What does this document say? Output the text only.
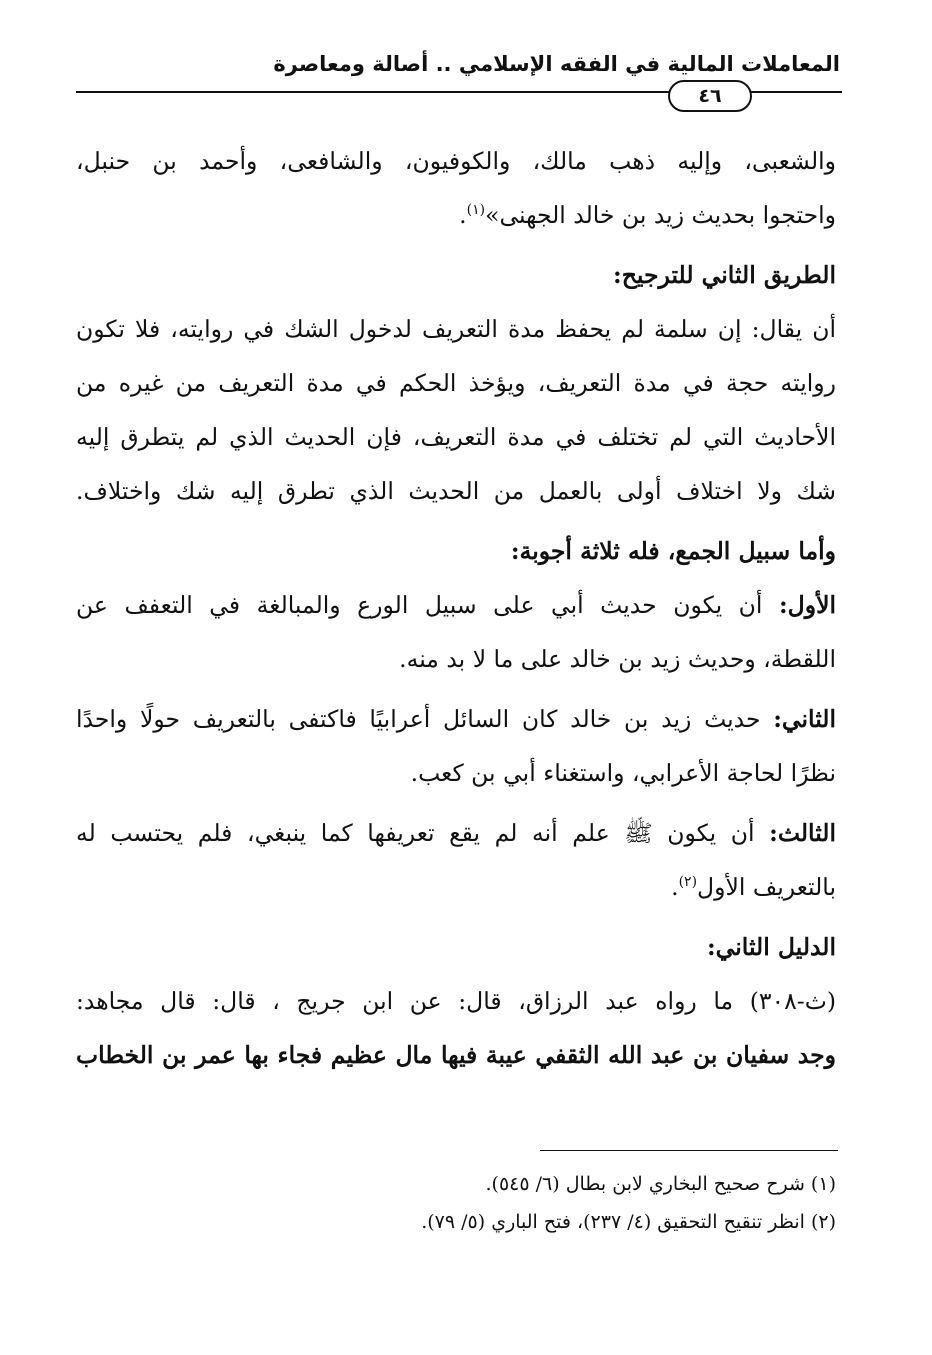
المعاملات المالية في الفقه الإسلامي .. أصالة ومعاصرة
٤٦
والشعبى، وإليه ذهب مالك، والكوفيون، والشافعى، وأحمد بن حنبل،
واحتجوا بحديث زيد بن خالد الجهنى»$^{(١)}$.
الطريق الثاني للترجيح:
أن يقال: إن سلمة لم يحفظ مدة التعريف لدخول الشك في روايته، فلا تكون
روايته حجة في مدة التعريف، ويؤخذ الحكم في مدة التعريف من غيره من
الأحاديث التي لم تختلف في مدة التعريف، فإن الحديث الذي لم يتطرق إليه
شك ولا اختلاف أولى بالعمل من الحديث الذي تطرق إليه شك واختلاف.
وأما سبيل الجمع، فله ثلاثة أجوبة:
الأول: أن يكون حديث أبي على سبيل الورع والمبالغة في التعفف عن
اللقطة، وحديث زيد بن خالد على ما لا بد منه.
الثاني: حديث زيد بن خالد كان السائل أعرابيًا فاكتفى بالتعريف حولًا واحدًا
نظرًا لحاجة الأعرابي، واستغناء أبي بن كعب.
الثالث: أن يكون ﷺ علم أنه لم يقع تعريفها كما ينبغي، فلم يحتسب له
بالتعريف الأول$^{(٢)}$.
الدليل الثاني:
(ث-٣٠٨) ما رواه عبد الرزاق، قال: عن ابن جريج ، قال: قال مجاهد:
وجد سفيان بن عبد الله الثقفي عيبة فيها مال عظيم فجاء بها عمر بن الخطاب
(١) شرح صحيح البخاري لابن بطال (٦/ ٥٤٥).
(٢) انظر تنقيح التحقيق (٤/ ٢٣٧)، فتح الباري (٥/ ٧٩).
